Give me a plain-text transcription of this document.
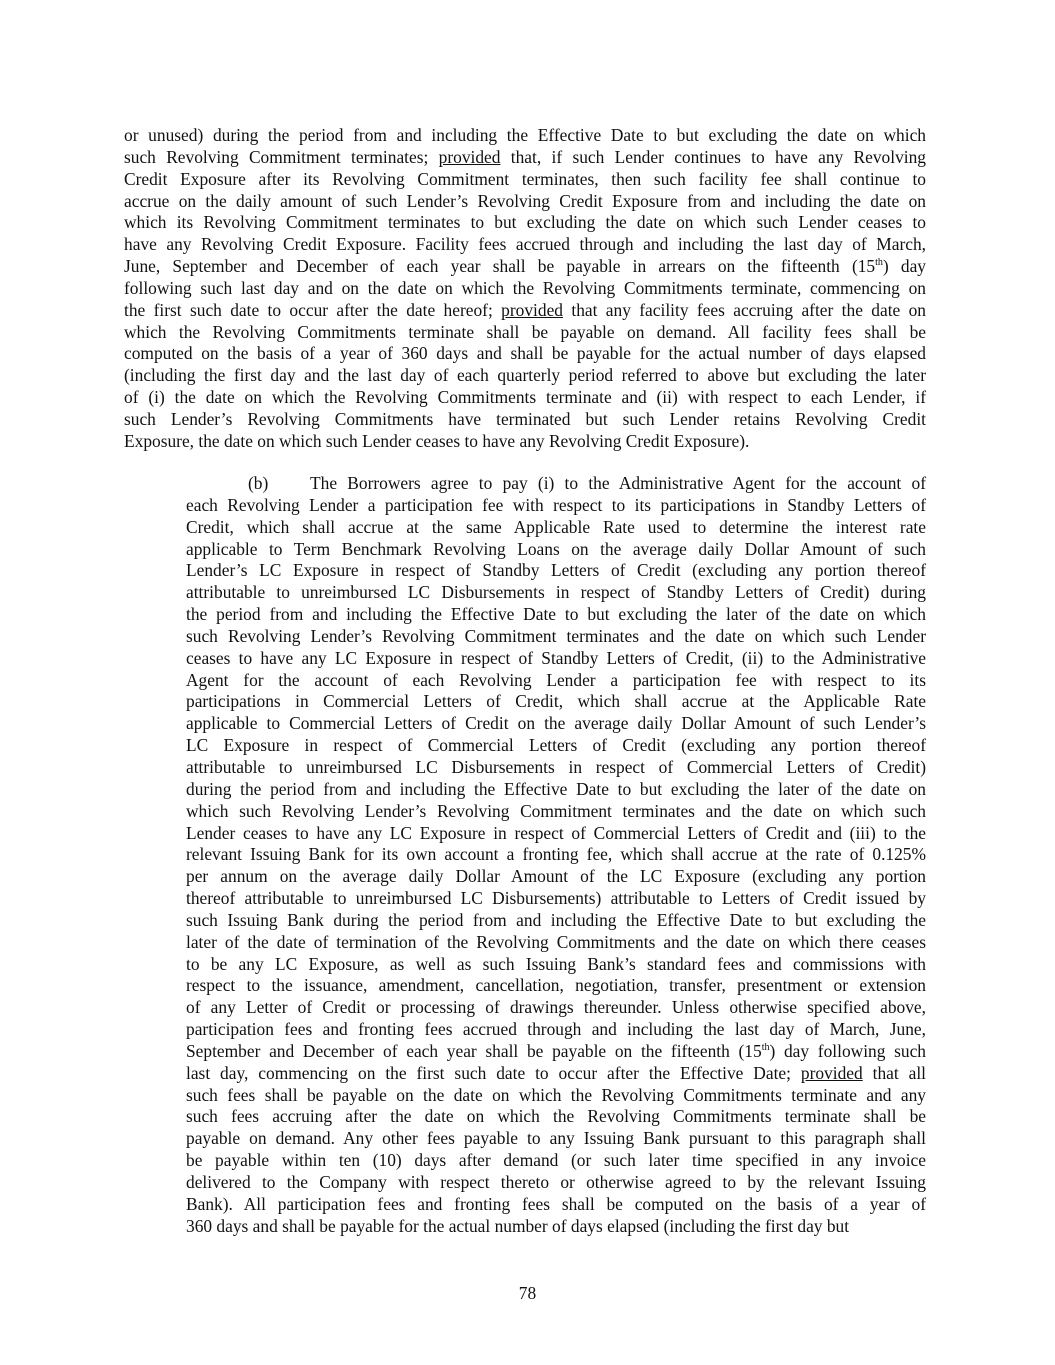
or unused) during the period from and including the Effective Date to but excluding the date on which
such Revolving Commitment terminates; provided that, if such Lender continues to have any Revolving
Credit Exposure after its Revolving Commitment terminates, then such facility fee shall continue to
accrue on the daily amount of such Lender’s Revolving Credit Exposure from and including the date on
which its Revolving Commitment terminates to but excluding the date on which such Lender ceases to
have any Revolving Credit Exposure. Facility fees accrued through and including the last day of March,
June, September and December of each year shall be payable in arrears on the fifteenth (15th) day
following such last day and on the date on which the Revolving Commitments terminate, commencing on
the first such date to occur after the date hereof; provided that any facility fees accruing after the date on
which the Revolving Commitments terminate shall be payable on demand. All facility fees shall be
computed on the basis of a year of 360 days and shall be payable for the actual number of days elapsed
(including the first day and the last day of each quarterly period referred to above but excluding the later
of (i) the date on which the Revolving Commitments terminate and (ii) with respect to each Lender, if
such Lender’s Revolving Commitments have terminated but such Lender retains Revolving Credit
Exposure, the date on which such Lender ceases to have any Revolving Credit Exposure).
(b) The Borrowers agree to pay (i) to the Administrative Agent for the account of
each Revolving Lender a participation fee with respect to its participations in Standby Letters of
Credit, which shall accrue at the same Applicable Rate used to determine the interest rate
applicable to Term Benchmark Revolving Loans on the average daily Dollar Amount of such
Lender’s LC Exposure in respect of Standby Letters of Credit (excluding any portion thereof
attributable to unreimbursed LC Disbursements in respect of Standby Letters of Credit) during
the period from and including the Effective Date to but excluding the later of the date on which
such Revolving Lender’s Revolving Commitment terminates and the date on which such Lender
ceases to have any LC Exposure in respect of Standby Letters of Credit, (ii) to the Administrative
Agent for the account of each Revolving Lender a participation fee with respect to its
participations in Commercial Letters of Credit, which shall accrue at the Applicable Rate
applicable to Commercial Letters of Credit on the average daily Dollar Amount of such Lender’s
LC Exposure in respect of Commercial Letters of Credit (excluding any portion thereof
attributable to unreimbursed LC Disbursements in respect of Commercial Letters of Credit)
during the period from and including the Effective Date to but excluding the later of the date on
which such Revolving Lender’s Revolving Commitment terminates and the date on which such
Lender ceases to have any LC Exposure in respect of Commercial Letters of Credit and (iii) to the
relevant Issuing Bank for its own account a fronting fee, which shall accrue at the rate of 0.125%
per annum on the average daily Dollar Amount of the LC Exposure (excluding any portion
thereof attributable to unreimbursed LC Disbursements) attributable to Letters of Credit issued by
such Issuing Bank during the period from and including the Effective Date to but excluding the
later of the date of termination of the Revolving Commitments and the date on which there ceases
to be any LC Exposure, as well as such Issuing Bank’s standard fees and commissions with
respect to the issuance, amendment, cancellation, negotiation, transfer, presentment or extension
of any Letter of Credit or processing of drawings thereunder. Unless otherwise specified above,
participation fees and fronting fees accrued through and including the last day of March, June,
September and December of each year shall be payable on the fifteenth (15th) day following such
last day, commencing on the first such date to occur after the Effective Date; provided that all
such fees shall be payable on the date on which the Revolving Commitments terminate and any
such fees accruing after the date on which the Revolving Commitments terminate shall be
payable on demand. Any other fees payable to any Issuing Bank pursuant to this paragraph shall
be payable within ten (10) days after demand (or such later time specified in any invoice
delivered to the Company with respect thereto or otherwise agreed to by the relevant Issuing
Bank). All participation fees and fronting fees shall be computed on the basis of a year of
360 days and shall be payable for the actual number of days elapsed (including the first day but
78
